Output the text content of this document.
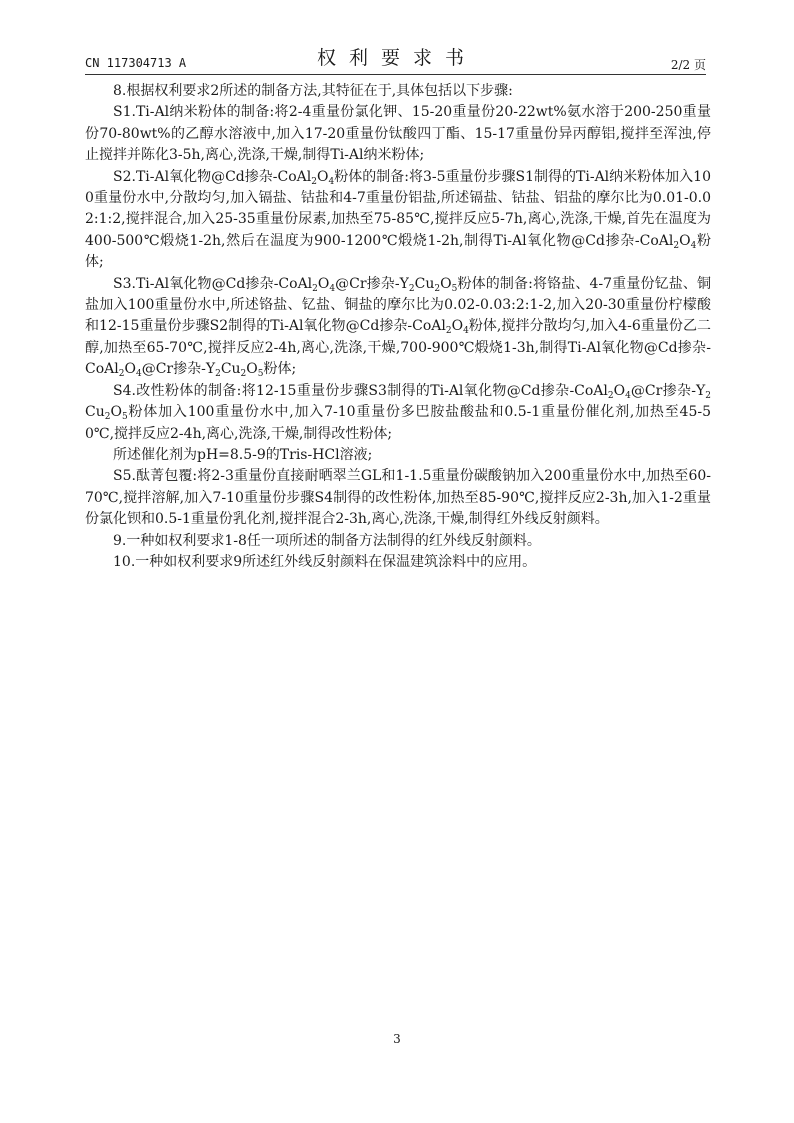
CN 117304713 A	权利要求书	2/2 页

8.根据权利要求2所述的制备方法,其特征在于,具体包括以下步骤:

S1.Ti-Al纳米粉体的制备:将2-4重量份氯化钾、15-20重量份20-22wt%氨水溶于200-250重量份70-80wt%的乙醇水溶液中,加入17-20重量份钛酸四丁酯、15-17重量份异丙醇铝,搅拌至浑浊,停止搅拌并陈化3-5h,离心,洗涤,干燥,制得Ti-Al纳米粉体;

S2.Ti-Al氧化物@Cd掺杂$-CoAl_2O_4$粉体的制备:将3-5重量份步骤S1制得的Ti-Al纳米粉体加入100重量份水中,分散均匀,加入镉盐、钴盐和4-7重量份铝盐,所述镉盐、钴盐、铝盐的摩尔比为0.01-0.02:1:2,搅拌混合,加入25-35重量份尿素,加热至75-85℃,搅拌反应5-7h,离心,洗涤,干燥,首先在温度为400-500℃煅烧1-2h,然后在温度为900-1200℃煅烧1-2h,制得Ti-Al氧化物@Cd掺杂$-CoAl_2O_4$粉体;

S3.Ti-Al氧化物@Cd掺杂$-CoAl_2O_4@Cr$掺杂$-Y_2Cu_2O_5$粉体的制备:将铬盐、4-7重量份钇盐、铜盐加入100重量份水中,所述铬盐、钇盐、铜盐的摩尔比为0.02-0.03:2:1-2,加入20-30重量份柠檬酸和12-15重量份步骤S2制得的Ti-Al氧化物@Cd掺杂$-CoAl_2O_4$粉体,搅拌分散均匀,加入4-6重量份乙二醇,加热至65-70℃,搅拌反应2-4h,离心,洗涤,干燥,700-900℃煅烧1-3h,制得Ti-Al氧化物@Cd掺杂$-CoAl_2O_4@Cr$掺杂$-Y_2Cu_2O_5$粉体;

S4.改性粉体的制备:将12-15重量份步骤S3制得的Ti-Al氧化物@Cd掺杂$-CoAl_2O_4@Cr$掺杂$-Y_2Cu_2O_5$粉体加入100重量份水中,加入7-10重量份多巴胺盐酸盐和0.5-1重量份催化剂,加热至45-50℃,搅拌反应2-4h,离心,洗涤,干燥,制得改性粉体;

所述催化剂为pH=8.5-9的Tris-HCl溶液;

S5.酞菁包覆:将2-3重量份直接耐晒翠兰GL和1-1.5重量份碳酸钠加入200重量份水中,加热至60-70℃,搅拌溶解,加入7-10重量份步骤S4制得的改性粉体,加热至85-90℃,搅拌反应2-3h,加入1-2重量份氯化钡和0.5-1重量份乳化剂,搅拌混合2-3h,离心,洗涤,干燥,制得红外线反射颜料。

9.一种如权利要求1-8任一项所述的制备方法制得的红外线反射颜料。

10.一种如权利要求9所述红外线反射颜料在保温建筑涂料中的应用。

3
